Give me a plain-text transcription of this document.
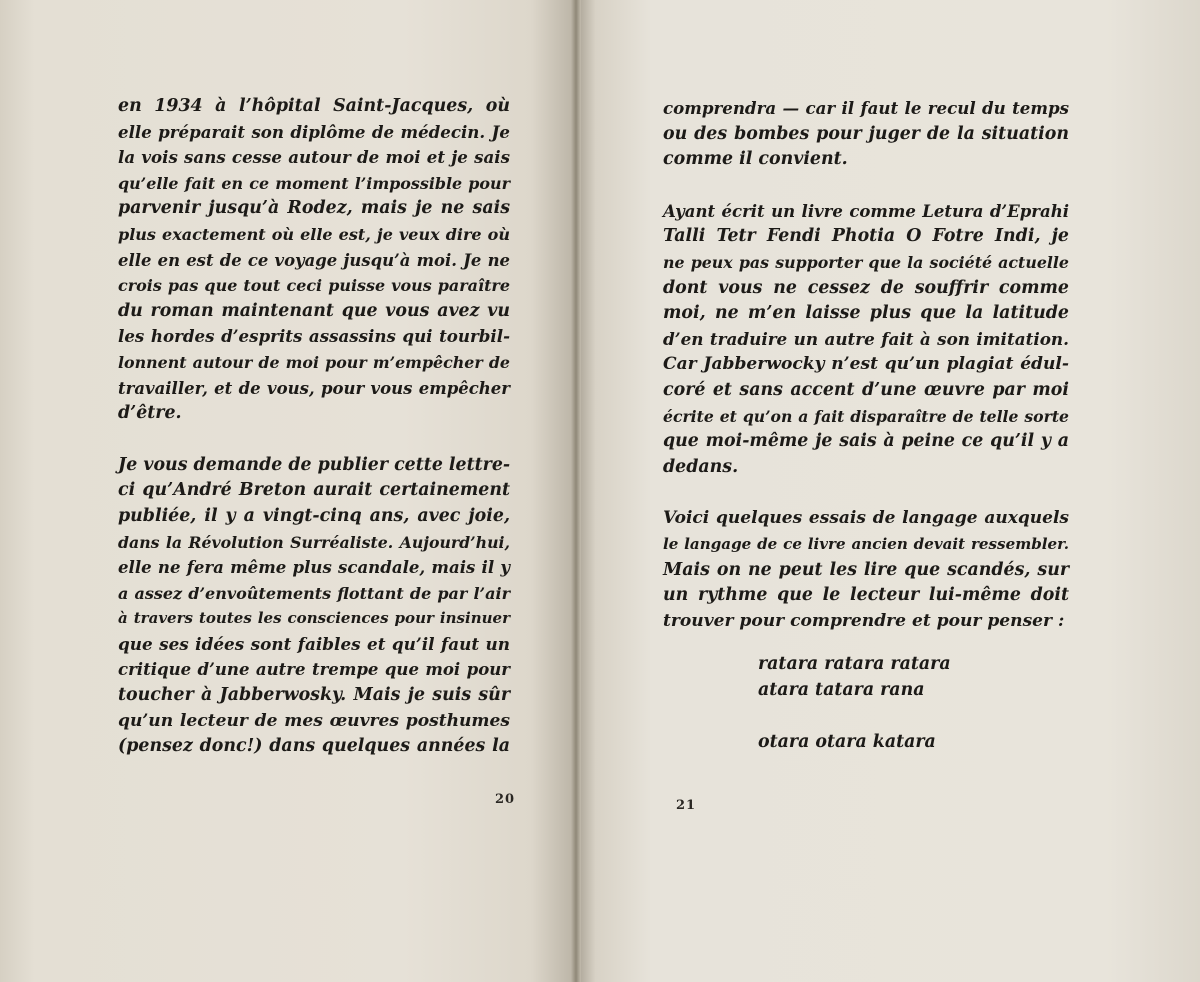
en 1934 à l’hôpital Saint-Jacques, où
elle préparait son diplôme de médecin. Je
la vois sans cesse autour de moi et je sais
qu’elle fait en ce moment l’impossible pour
parvenir jusqu’à Rodez, mais je ne sais
plus exactement où elle est, je veux dire où
elle en est de ce voyage jusqu’à moi. Je ne
crois pas que tout ceci puisse vous paraître
du roman maintenant que vous avez vu
les hordes d’esprits assassins qui tourbil-
lonnent autour de moi pour m’empêcher de
travailler, et de vous, pour vous empêcher
d’être.
Je vous demande de publier cette lettre-
ci qu’André Breton aurait certainement
publiée, il y a vingt-cinq ans, avec joie,
dans la Révolution Surréaliste. Aujourd’hui,
elle ne fera même plus scandale, mais il y
a assez d’envoûtements flottant de par l’air
à travers toutes les consciences pour insinuer
que ses idées sont faibles et qu’il faut un
critique d’une autre trempe que moi pour
toucher à Jabberwosky. Mais je suis sûr
qu’un lecteur de mes œuvres posthumes
(pensez donc!) dans quelques années la
20
comprendra — car il faut le recul du temps
ou des bombes pour juger de la situation
comme il convient.
Ayant écrit un livre comme Letura d’Eprahi
Talli Tetr Fendi Photia O Fotre Indi, je
ne peux pas supporter que la société actuelle
dont vous ne cessez de souffrir comme
moi, ne m’en laisse plus que la latitude
d’en traduire un autre fait à son imitation.
Car Jabberwocky n’est qu’un plagiat édul-
coré et sans accent d’une œuvre par moi
écrite et qu’on a fait disparaître de telle sorte
que moi-même je sais à peine ce qu’il y a
dedans.
Voici quelques essais de langage auxquels
le langage de ce livre ancien devait ressembler.
Mais on ne peut les lire que scandés, sur
un rythme que le lecteur lui-même doit
trouver pour comprendre et pour penser :
ratara ratara ratara
atara tatara rana
otara otara katara
21
